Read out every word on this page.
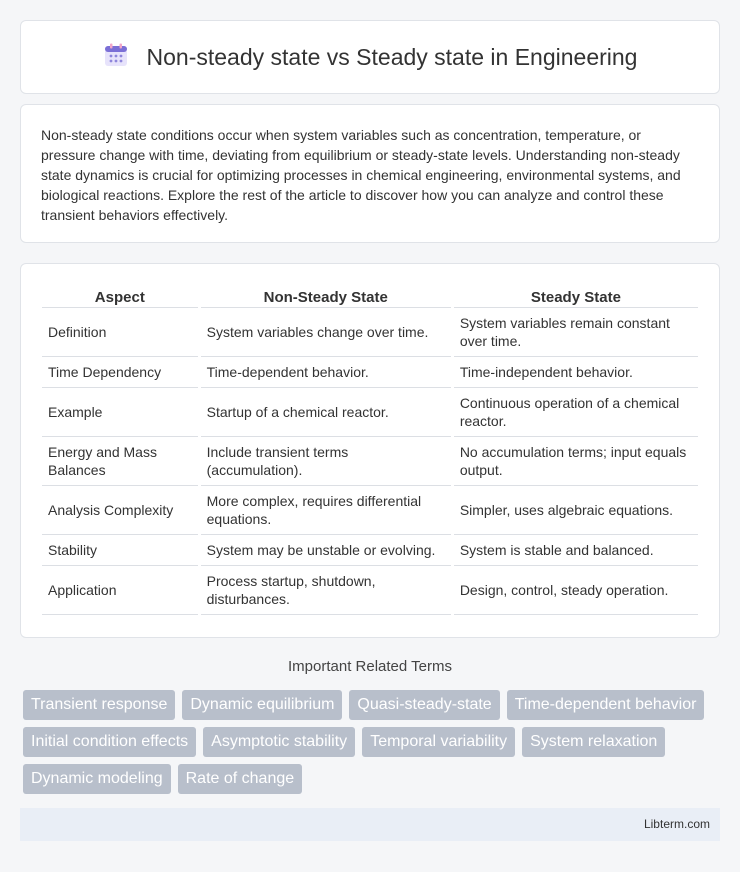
Non-steady state vs Steady state in Engineering

Non-steady state conditions occur when system variables such as concentration, temperature, or pressure change with time, deviating from equilibrium or steady-state levels. Understanding non-steady state dynamics is crucial for optimizing processes in chemical engineering, environmental systems, and biological reactions. Explore the rest of the article to discover how you can analyze and control these transient behaviors effectively.

Aspect	Non-Steady State	Steady State
Definition	System variables change over time.	System variables remain constant over time.
Time Dependency	Time-dependent behavior.	Time-independent behavior.
Example	Startup of a chemical reactor.	Continuous operation of a chemical reactor.
Energy and Mass Balances	Include transient terms (accumulation).	No accumulation terms; input equals output.
Analysis Complexity	More complex, requires differential equations.	Simpler, uses algebraic equations.
Stability	System may be unstable or evolving.	System is stable and balanced.
Application	Process startup, shutdown, disturbances.	Design, control, steady operation.
Important Related Terms
Transient response	Dynamic equilibrium	Quasi-steady-state	Time-dependent behavior
Initial condition effects	Asymptotic stability	Temporal variability	System relaxation
Dynamic modeling	Rate of change
Libterm.com
